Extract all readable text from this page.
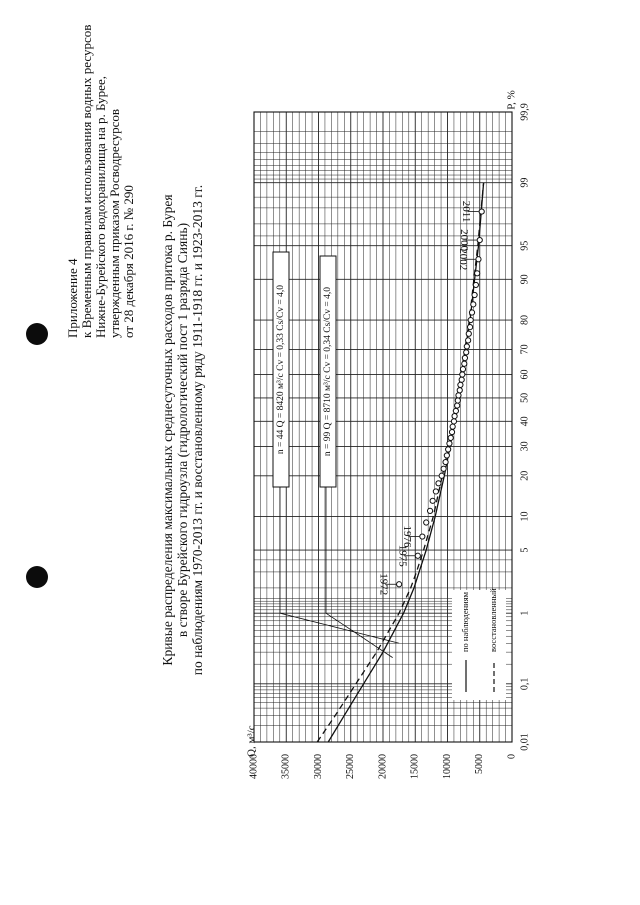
Приложение 4 к Временным правилам использования водных ресурсов Нижне-Бурейского водохранилища на р. Бурее, утвержденным приказом Росводресурсов от 28 декабря 2016 г. № 290 Кривые распределения максимальных среднесуточных расходов притока р. Бурея в створе Бурейского гидроузла (гидрологический пост 1 разряда Сиянь) по наблюдениям 1970-2013 гг. и восстановленному ряду 1911-1918 гг. и 1923-2013 гг.
0,01
0,1
1
5
10
20
30
40
50
60
70
80
90
95
99
99,9
0
5000
10000
15000
20000
25000
30000
35000
40000
P, %
Q, м³/с
1972
1975
1976
2002
2000
2011
n = 44 Q = 8420 м³/с Cv = 0,33 Cs/Cv = 4,0	n = 99 Q = 8710 м³/с Cv = 0,34 Cs/Cv = 4,0
по наблюдениям восстановленный
